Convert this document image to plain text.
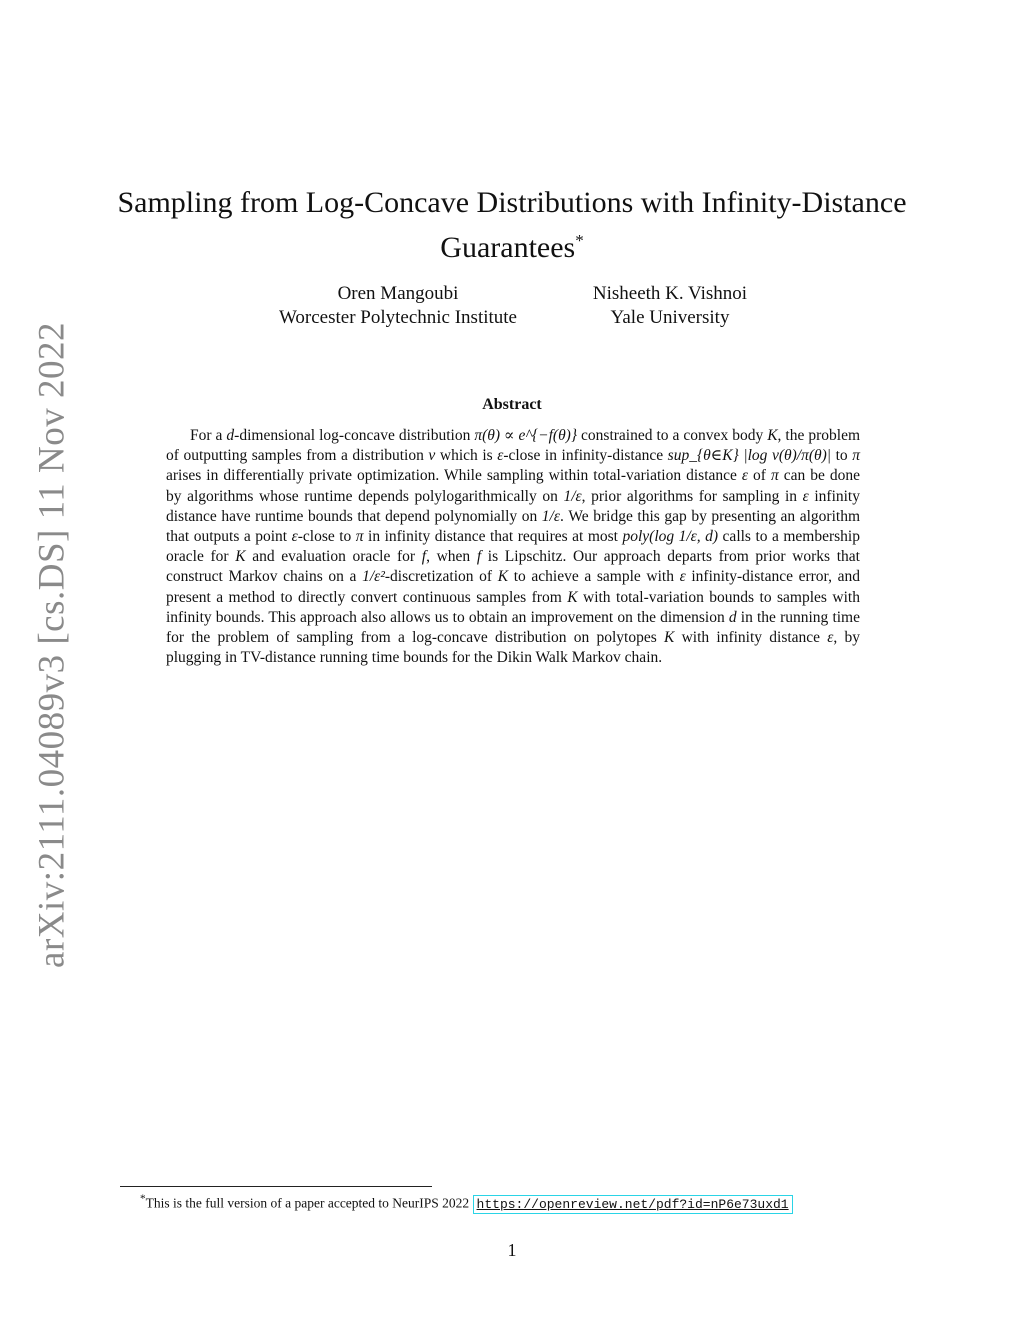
arXiv:2111.04089v3 [cs.DS] 11 Nov 2022
Sampling from Log-Concave Distributions with Infinity-Distance Guarantees*
Oren Mangoubi
Worcester Polytechnic Institute
Nisheeth K. Vishnoi
Yale University
Abstract

For a d-dimensional log-concave distribution π(θ) ∝ e^{−f(θ)} constrained to a convex body K, the problem of outputting samples from a distribution ν which is ε-close in infinity-distance sup_{θ∈K} |log ν(θ)/π(θ)| to π arises in differentially private optimization. While sampling within total-variation distance ε of π can be done by algorithms whose runtime depends polylogarithmically on 1/ε, prior algorithms for sampling in ε infinity distance have runtime bounds that depend polynomially on 1/ε. We bridge this gap by presenting an algorithm that outputs a point ε-close to π in infinity distance that requires at most poly(log 1/ε, d) calls to a membership oracle for K and evaluation oracle for f, when f is Lipschitz. Our approach departs from prior works that construct Markov chains on a 1/ε²-discretization of K to achieve a sample with ε infinity-distance error, and present a method to directly convert continuous samples from K with total-variation bounds to samples with infinity bounds. This approach also allows us to obtain an improvement on the dimension d in the running time for the problem of sampling from a log-concave distribution on polytopes K with infinity distance ε, by plugging in TV-distance running time bounds for the Dikin Walk Markov chain.

*This is the full version of a paper accepted to NeurIPS 2022 https://openreview.net/pdf?id=nP6e73uxd1
1
